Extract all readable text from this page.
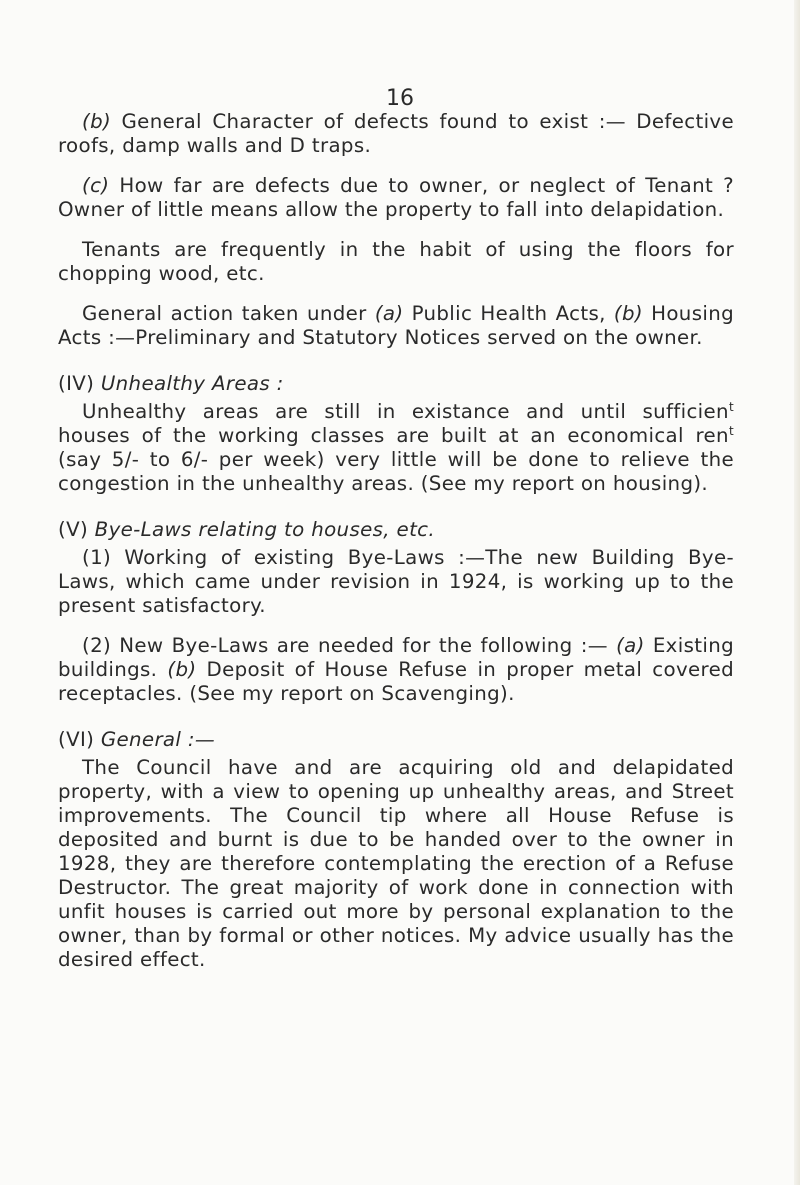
16

(b) General Character of defects found to exist :— Defective roofs, damp walls and D traps.

(c) How far are defects due to owner, or neglect of Tenant ? Owner of little means allow the property to fall into delapidation.

Tenants are frequently in the habit of using the floors for chopping wood, etc.

General action taken under (a) Public Health Acts, (b) Housing Acts :—Preliminary and Statutory Notices served on the owner.

(IV) Unhealthy Areas :

Unhealthy areas are still in existance and until sufficien$^t$ houses of the working classes are built at an economical ren$^t$ (say 5/- to 6/- per week) very little will be done to relieve the congestion in the unhealthy areas. (See my report on housing).

(V) Bye-Laws relating to houses, etc.

(1) Working of existing Bye-Laws :—The new Building Bye-Laws, which came under revision in 1924, is working up to the present satisfactory.

(2) New Bye-Laws are needed for the following :— (a) Existing buildings. (b) Deposit of House Refuse in proper metal covered receptacles. (See my report on Scavenging).

(VI) General :—

The Council have and are acquiring old and delapidated property, with a view to opening up unhealthy areas, and Street improvements. The Council tip where all House Refuse is deposited and burnt is due to be handed over to the owner in 1928, they are therefore contemplating the erection of a Refuse Destructor. The great majority of work done in connection with unfit houses is carried out more by personal explanation to the owner, than by formal or other notices. My advice usually has the desired effect.
